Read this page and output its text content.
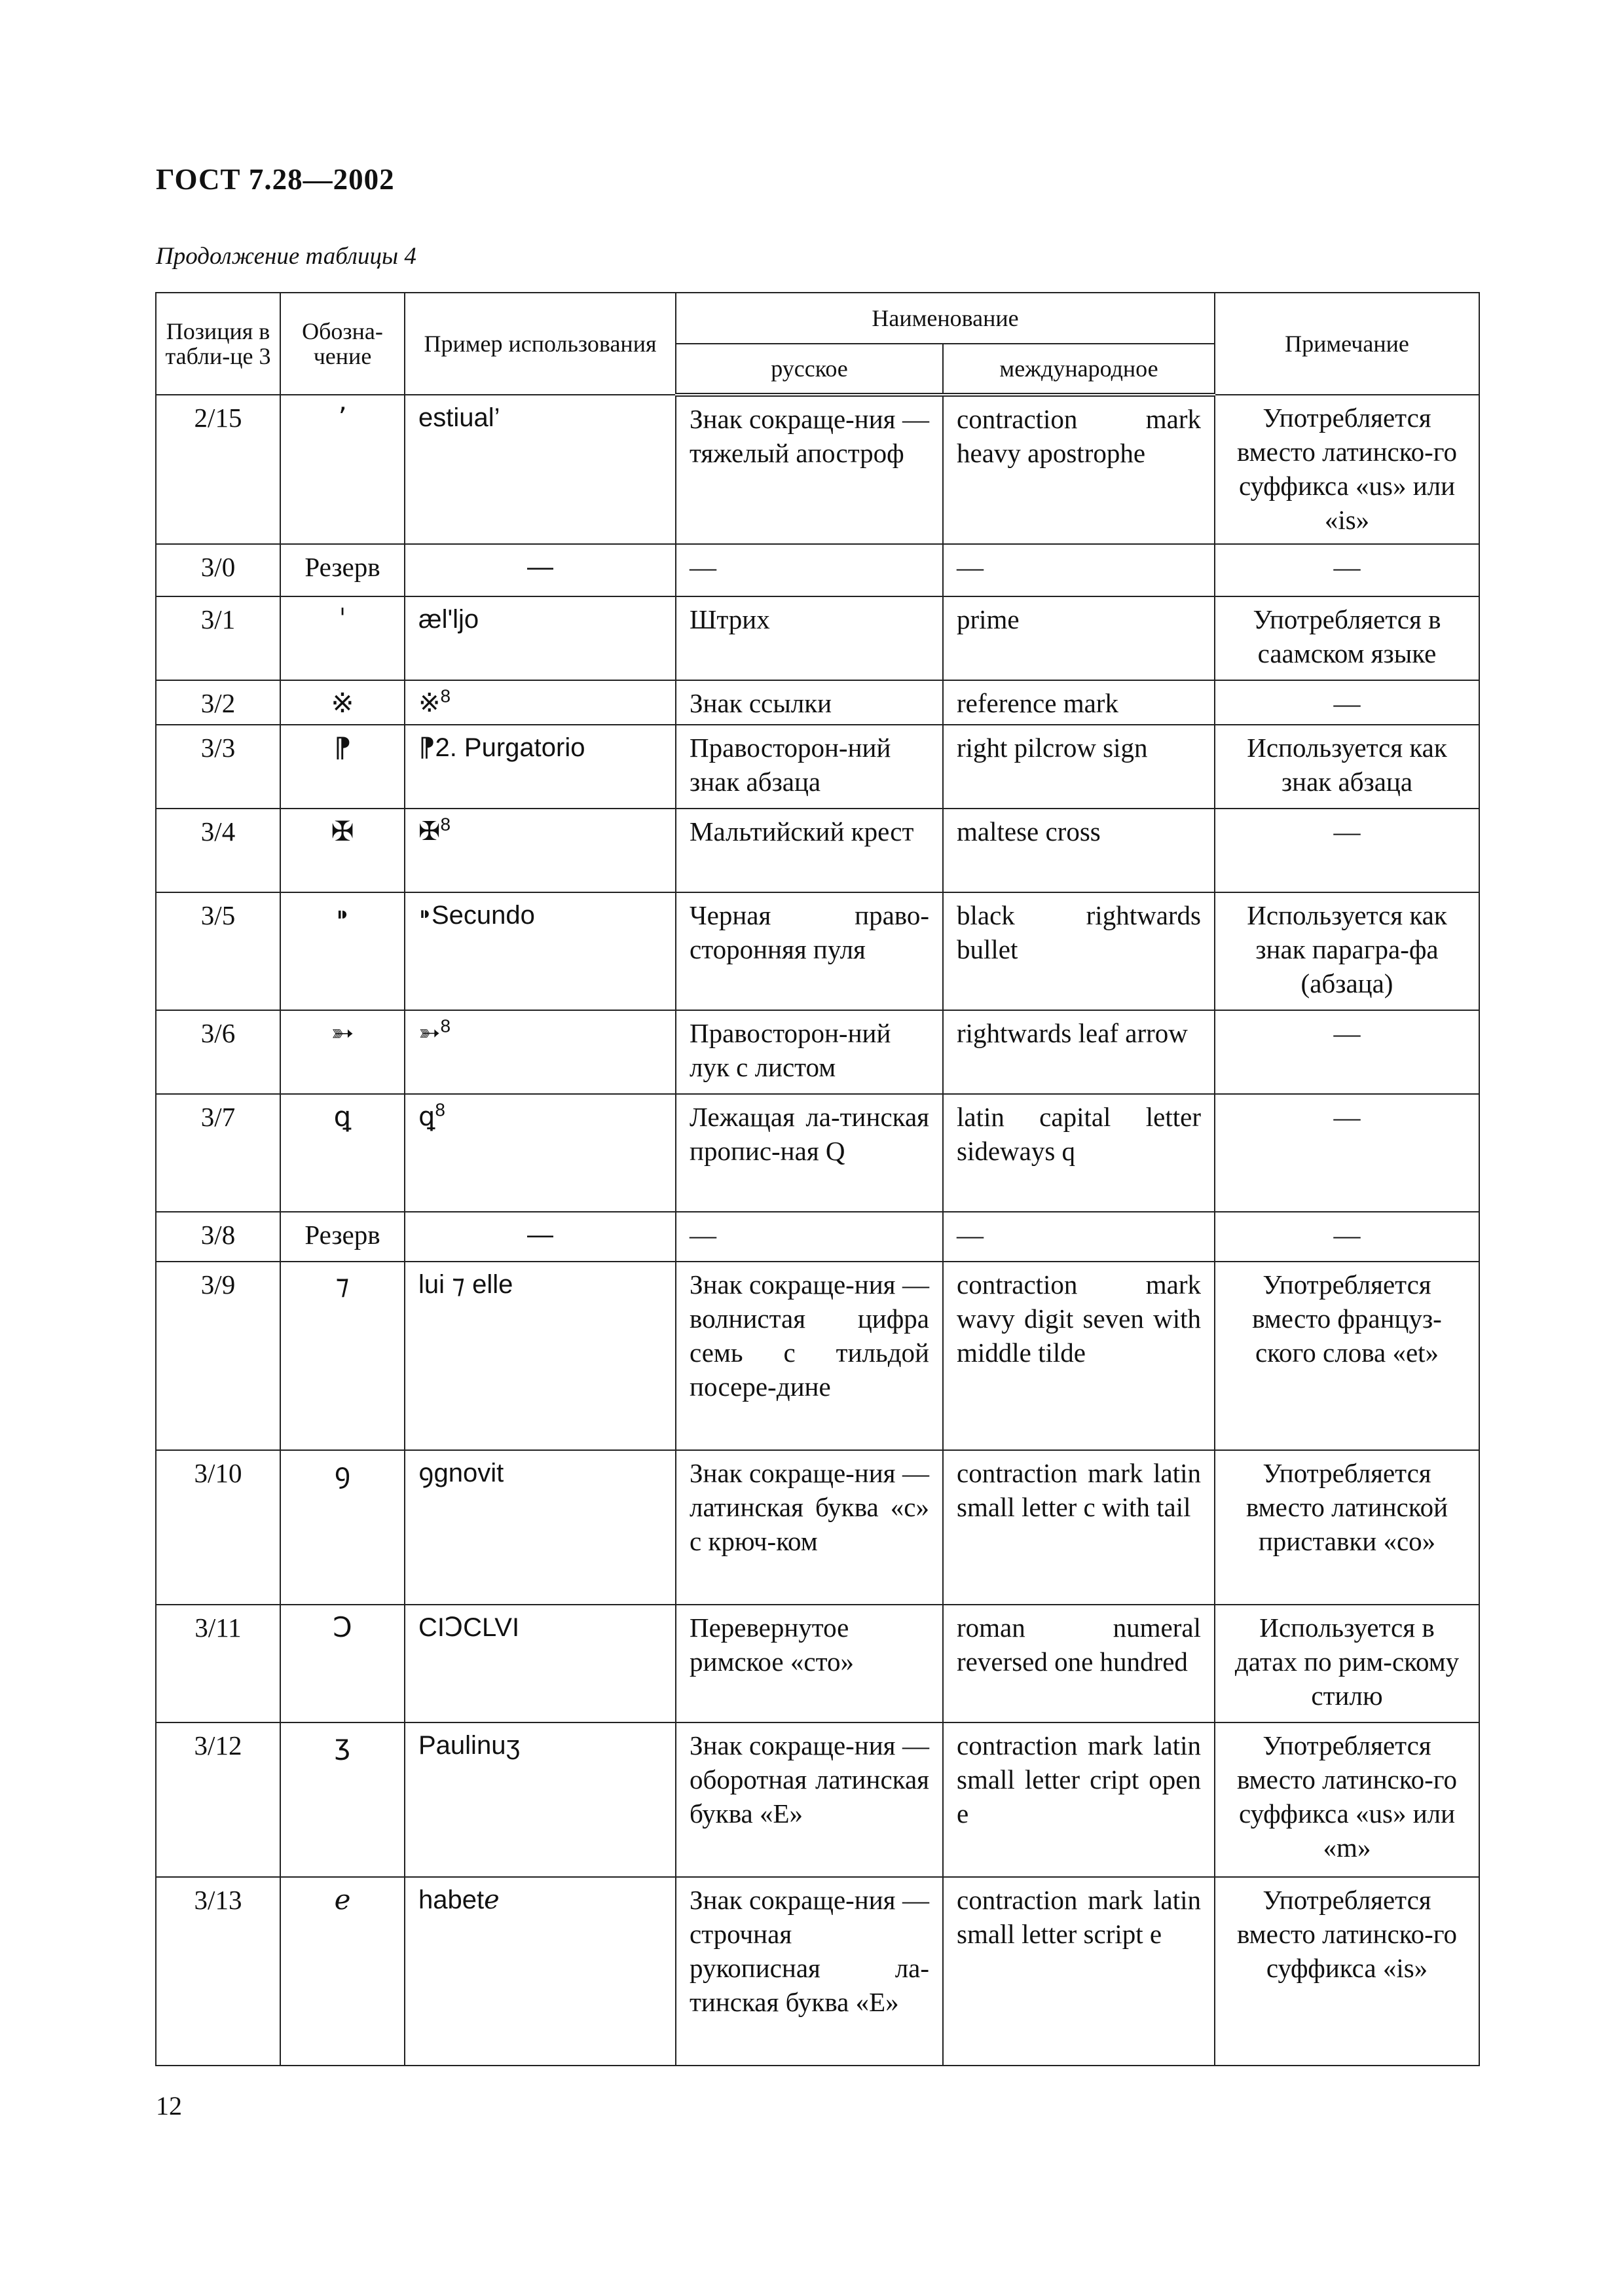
ГОСТ 7.28—2002

Продолжение таблицы 4

Позиция в табли-це 3	Обозна-чение	Пример использования	Наименование		Примечание
			русское	международное	
2/15	ʼ	estiual’	Знак сокраще-ния — тяжелый апостроф	contraction mark heavy apostrophe	Употребляется вместо латинско-го суффикса «us» или «is»
3/0	Резерв	—	—	—	—
3/1	ˈ	æl'ljo	Штрих	prime	Употребляется в саамском языке
3/2	※	※$^8$	Знак ссылки	reference mark	—
3/3	⁋	⁋2. Purgatorio	Правосторон-ний знак абзаца	right pilcrow sign	Используется как знак абзаца
3/4	✠	✠$^8$	Мальтийский крест	maltese cross	—
3/5	⁍	⁍Secundo	Черная право-сторонняя пуля	black rightwards bullet	Используется как знак паpагра-фа (абзаца)
3/6	➳	➳$^8$	Правосторон-ний лук с листом	rightwards leaf arrow	—
3/7	ꝗ	ꝗ$^8$	Лежащая ла-тинская пропис-ная Q	latin capital letter sideways q	—
3/8	Резерв	—	—	—	—
3/9	⁊	lui ⁊ elle	Знак сокраще-ния — волнистая цифра семь с тильдой посере-дине	contraction mark wavy digit seven with middle tilde	Употребляется вместо француз-ского слова «et»
3/10	ꝯ	ꝯgnovit	Знак сокраще-ния — латинская буква «с» с крюч-ком	contraction mark latin small letter c with tail	Употребляется вместо латинской приставки «со»
3/11	Ↄ	CIↃCLVI	Перевернутое римское «сто»	roman numeral reversed one hundred	Используется в датах по рим-скому стилю
3/12	ʒ	Paulinuʒ	Знак сокраще-ния — оборотная латинская буква «Е»	contraction mark latin small letter cript open e	Употребляется вместо латинско-го суффикса «us» или «m»
3/13	ℯ	habetℯ	Знак сокраще-ния — строчная рукописная ла-тинская буква «Е»	contraction mark latin small letter script e	Употребляется вместо латинско-го суффикса «is»

12
